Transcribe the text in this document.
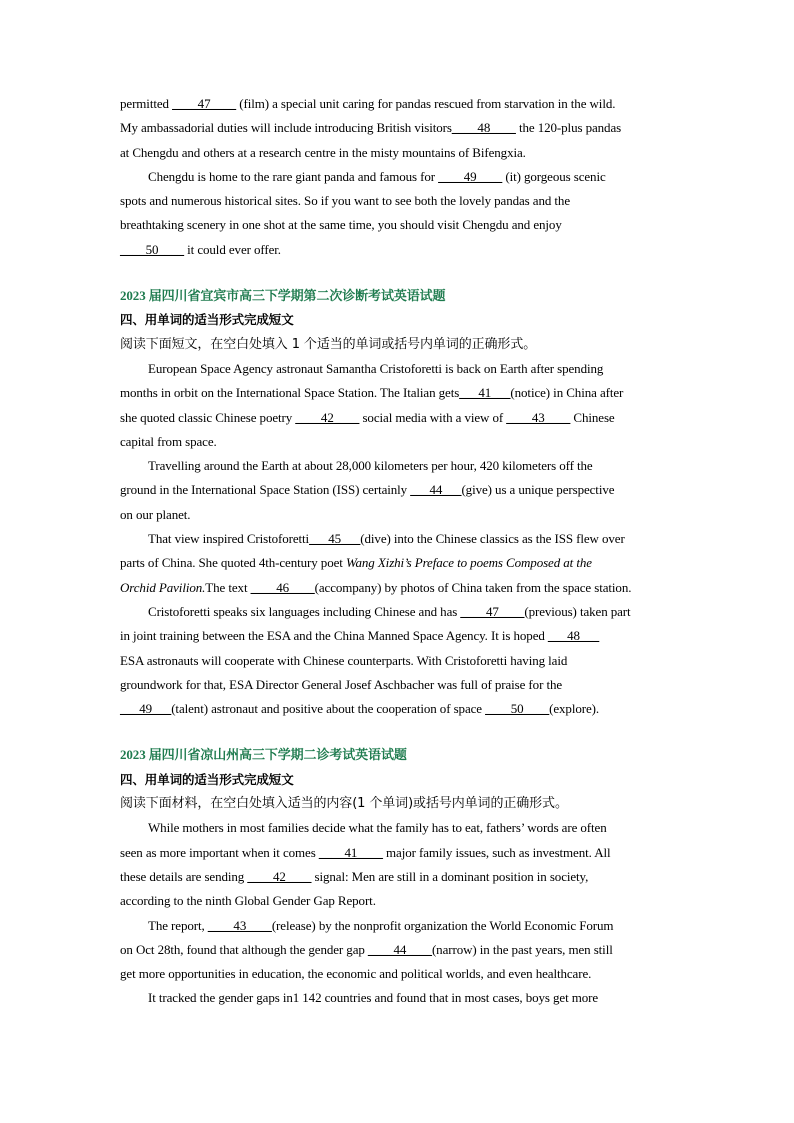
permitted ____47____ (film) a special unit caring for pandas rescued from starvation in the wild.
My ambassadorial duties will include introducing British visitors____48____ the 120-plus pandas
at Chengdu and others at a research centre in the misty mountains of Bifengxia.
Chengdu is home to the rare giant panda and famous for ____49____ (it) gorgeous scenic
spots and numerous historical sites. So if you want to see both the lovely pandas and the
breathtaking scenery in one shot at the same time, you should visit Chengdu and enjoy
____50____ it could ever offer.
2023 届四川省宜宾市高三下学期第二次诊断考试英语试题
四、用单词的适当形式完成短文
阅读下面短文，在空白处填入 1 个适当的单词或括号内单词的正确形式。
European Space Agency astronaut Samantha Cristoforetti is back on Earth after spending
months in orbit on the International Space Station. The Italian gets___41___(notice) in China after
she quoted classic Chinese poetry ____42____ social media with a view of ____43____ Chinese
capital from space.
Travelling around the Earth at about 28,000 kilometers per hour, 420 kilometers off the
ground in the International Space Station (ISS) certainly ___44___(give) us a unique perspective
on our planet.
That view inspired Cristoforetti___45___(dive) into the Chinese classics as the ISS flew over
parts of China. She quoted 4th-century poet Wang Xizhi’s Preface to poems Composed at the
Orchid Pavilion.The text ____46____(accompany) by photos of China taken from the space station.
Cristoforetti speaks six languages including Chinese and has ____47____(previous) taken part
in joint training between the ESA and the China Manned Space Agency. It is hoped ___48___
ESA astronauts will cooperate with Chinese counterparts. With Cristoforetti having laid
groundwork for that, ESA Director General Josef Aschbacher was full of praise for the
___49___(talent) astronaut and positive about the cooperation of space ____50____(explore).
2023 届四川省凉山州高三下学期二诊考试英语试题
四、用单词的适当形式完成短文
阅读下面材料，在空白处填入适当的内容(1 个单词)或括号内单词的正确形式。
While mothers in most families decide what the family has to eat, fathers’ words are often
seen as more important when it comes ____41____ major family issues, such as investment. All
these details are sending ____42____ signal: Men are still in a dominant position in society,
according to the ninth Global Gender Gap Report.
The report, ____43____(release) by the nonprofit organization the World Economic Forum
on Oct 28th, found that although the gender gap ____44____(narrow) in the past years, men still
get more opportunities in education, the economic and political worlds, and even healthcare.
It tracked the gender gaps in1 142 countries and found that in most cases, boys get more
